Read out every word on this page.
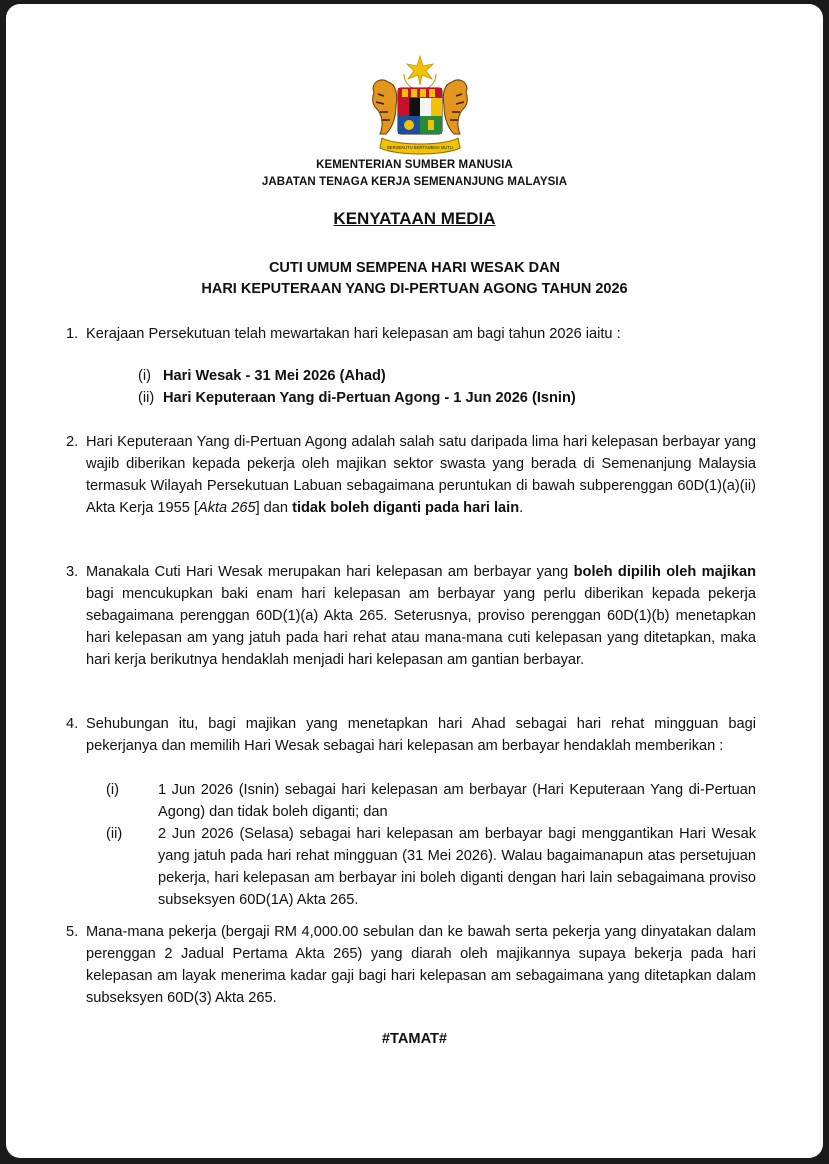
BERSEKUTU BERTAMBAH MUTU
KEMENTERIAN SUMBER MANUSIA
JABATAN TENAGA KERJA SEMENANJUNG MALAYSIA
KENYATAAN MEDIA
CUTI UMUM SEMPENA HARI WESAK DAN
HARI KEPUTERAAN YANG DI-PERTUAN AGONG TAHUN 2026
1. Kerajaan Persekutuan telah mewartakan hari kelepasan am bagi tahun 2026 iaitu :
(i) Hari Wesak - 31 Mei 2026 (Ahad)
(ii) Hari Keputeraan Yang di-Pertuan Agong - 1 Jun 2026 (Isnin)
2. Hari Keputeraan Yang di-Pertuan Agong adalah salah satu daripada lima hari kelepasan berbayar yang wajib diberikan kepada pekerja oleh majikan sektor swasta yang berada di Semenanjung Malaysia termasuk Wilayah Persekutuan Labuan sebagaimana peruntukan di bawah subperenggan 60D(1)(a)(ii) Akta Kerja 1955 [Akta 265] dan tidak boleh diganti pada hari lain.
3. Manakala Cuti Hari Wesak merupakan hari kelepasan am berbayar yang boleh dipilih oleh majikan bagi mencukupkan baki enam hari kelepasan am berbayar yang perlu diberikan kepada pekerja sebagaimana perenggan 60D(1)(a) Akta 265. Seterusnya, proviso perenggan 60D(1)(b) menetapkan hari kelepasan am yang jatuh pada hari rehat atau mana-mana cuti kelepasan yang ditetapkan, maka hari kerja berikutnya hendaklah menjadi hari kelepasan am gantian berbayar.
4. Sehubungan itu, bagi majikan yang menetapkan hari Ahad sebagai hari rehat mingguan bagi pekerjanya dan memilih Hari Wesak sebagai hari kelepasan am berbayar hendaklah memberikan :
(i)	1 Jun 2026 (Isnin) sebagai hari kelepasan am berbayar (Hari Keputeraan Yang di-Pertuan Agong) dan tidak boleh diganti; dan
(ii) 2 Jun 2026 (Selasa) sebagai hari kelepasan am berbayar bagi menggantikan Hari Wesak yang jatuh pada hari rehat mingguan (31 Mei 2026). Walau bagaimanapun atas persetujuan pekerja, hari kelepasan am berbayar ini boleh diganti dengan hari lain sebagaimana proviso subseksyen 60D(1A) Akta 265.
5. Mana-mana pekerja (bergaji RM 4,000.00 sebulan dan ke bawah serta pekerja yang dinyatakan dalam perenggan 2 Jadual Pertama Akta 265) yang diarah oleh majikannya supaya bekerja pada hari kelepasan am layak menerima kadar gaji bagi hari kelepasan am sebagaimana yang ditetapkan dalam subseksyen 60D(3) Akta 265.
#TAMAT#
